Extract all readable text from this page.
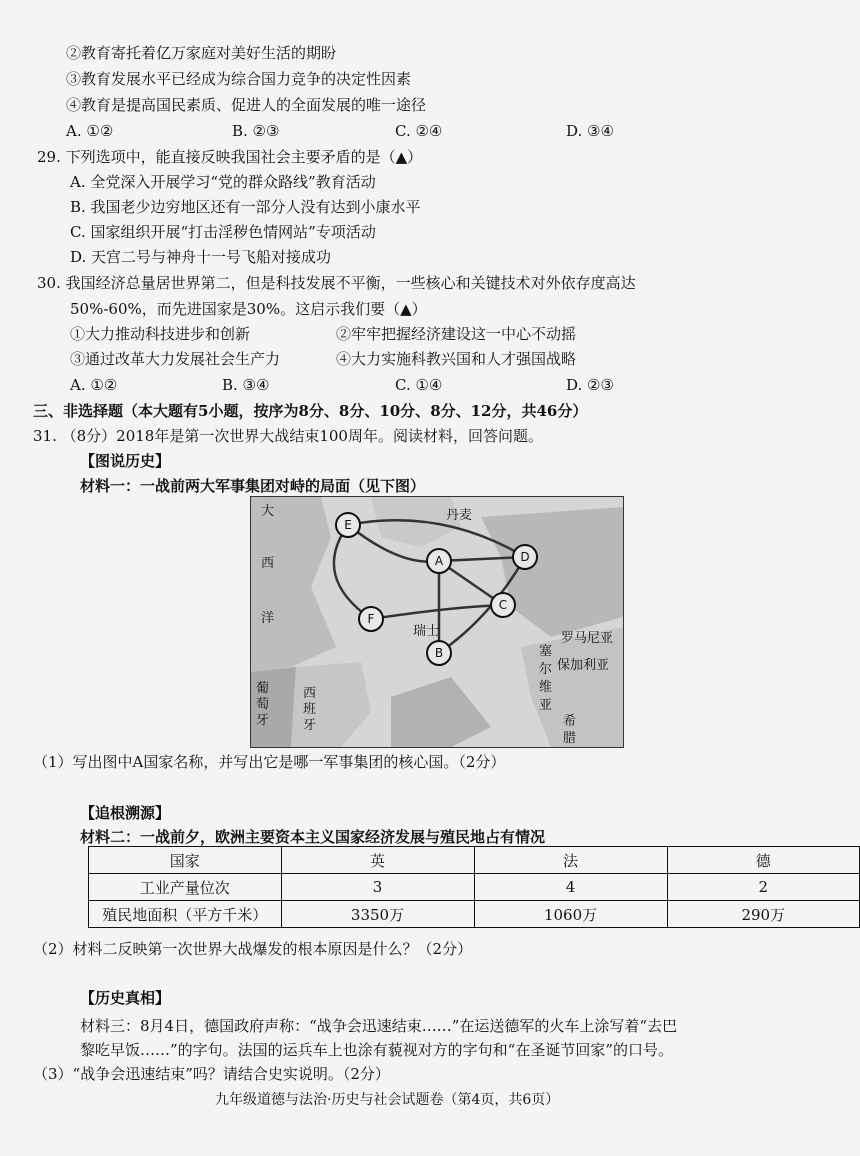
②教育寄托着亿万家庭对美好生活的期盼
③教育发展水平已经成为综合国力竞争的决定性因素
④教育是提高国民素质、促进人的全面发展的唯一途径
A. ①②	B. ②③	C. ②④	D. ③④
29. 下列选项中，能直接反映我国社会主要矛盾的是（▲）
A. 全党深入开展学习“党的群众路线”教育活动
B. 我国老少边穷地区还有一部分人没有达到小康水平
C. 国家组织开展“打击淫秽色情网站”专项活动
D. 天宫二号与神舟十一号飞船对接成功
30. 我国经济总量居世界第二，但是科技发展不平衡，一些核心和关键技术对外依存度高达
50%-60%，而先进国家是30%。这启示我们要（▲）
①大力推动科技进步和创新	②牢牢把握经济建设这一中心不动摇
③通过改革大力发展社会生产力	④大力实施科教兴国和人才强国战略
A. ①②	B. ③④	C. ①④	D. ②③
三、非选择题（本大题有5小题，按序为8分、8分、10分、8分、12分，共46分）
31. （8分）2018年是第一次世界大战结束100周年。阅读材料，回答问题。
【图说历史】
材料一：一战前两大军事集团对峙的局面（见下图）
A
B
C
D
E
F
大
西
洋
丹麦
瑞士	罗马尼亚
保加利亚
塞
尔
维
亚
希
腊
葡
萄
牙
西
班
牙
（1）写出图中A国家名称，并写出它是哪一军事集团的核心国。（2分）
【追根溯源】
材料二：一战前夕，欧洲主要资本主义国家经济发展与殖民地占有情况
国家	英	法	德
工业产量位次	3	4	2
殖民地面积（平方千米）	3350万	1060万	290万
（2）材料二反映第一次世界大战爆发的根本原因是什么？（2分）
【历史真相】
材料三：8月4日，德国政府声称：“战争会迅速结束……”在运送德军的火车上涂写着“去巴
黎吃早饭……”的字句。法国的运兵车上也涂有藐视对方的字句和“在圣诞节回家”的口号。
（3）“战争会迅速结束”吗？请结合史实说明。（2分）
九年级道德与法治·历史与社会试题卷（第4页，共6页）
